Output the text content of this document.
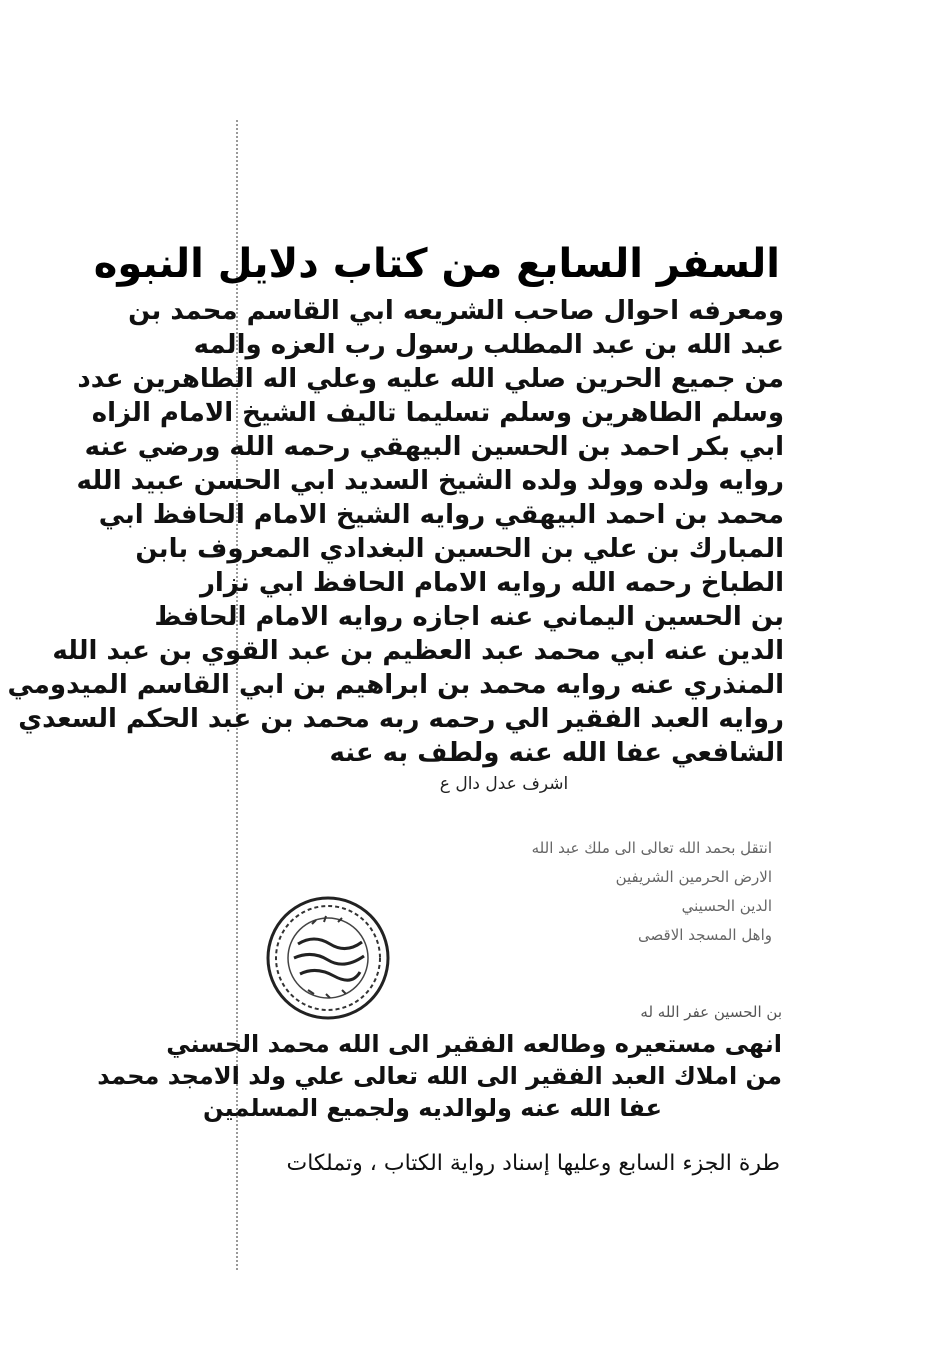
السفر السابع من كتاب دلايل النبوه
ومعرفه احوال صاحب الشريعه ابي القاسم محمد بن
عبد الله بن عبد المطلب رسول رب العزه والمه
من جميع الحرين صلي الله عليه وعلي اله الطاهرين عدد
وسلم الطاهرين وسلم تسليما تاليف الشيخ الامام الزاه
ابي بكر احمد بن الحسين البيهقي رحمه الله ورضي عنه
روايه ولده وولد ولده الشيخ السديد ابي الحسن عبيد الله
محمد بن احمد البيهقي روايه الشيخ الامام الحافظ ابي
المبارك بن علي بن الحسين البغدادي المعروف بابن
الطباخ رحمه الله روايه الامام الحافظ ابي نزار
بن الحسين اليماني عنه اجازه روايه الامام الحافظ
الدين عنه ابي محمد عبد العظيم بن عبد القوي بن عبد الله
المنذري عنه روايه محمد بن ابراهيم بن ابي القاسم الميدومي
روايه العبد الفقير الي رحمه ربه محمد بن عبد الحكم السعدي
الشافعي عفا الله عنه ولطف به عنه
اشرف عدل دال ع
انتقل بحمد الله تعالى الى ملك عبد الله
الارض الحرمين الشريفين
الدين الحسيني
واهل المسجد الاقصى
بن الحسين عفر الله له
انهى مستعيره وطالعه الفقير الى الله محمد الحسني
من املاك العبد الفقير الى الله تعالى علي ولد الامجد محمد
عفا الله عنه ولوالديه ولجميع المسلمين
طرة الجزء السابع وعليها إسناد رواية الكتاب ، وتملكات
